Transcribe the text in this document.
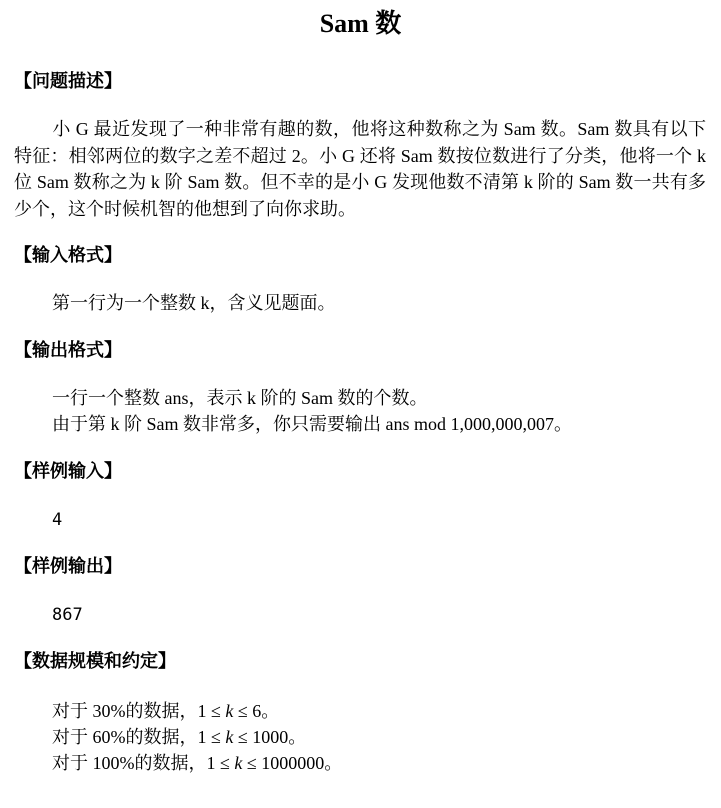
Sam 数
【问题描述】
小 G 最近发现了一种非常有趣的数，他将这种数称之为 Sam 数。Sam 数具有以下特征：相邻两位的数字之差不超过 2。小 G 还将 Sam 数按位数进行了分类，他将一个 k 位 Sam 数称之为 k 阶 Sam 数。但不幸的是小 G 发现他数不清第 k 阶的 Sam 数一共有多少个，这个时候机智的他想到了向你求助。
【输入格式】
第一行为一个整数 k，含义见题面。
【输出格式】
一行一个整数 ans，表示 k 阶的 Sam 数的个数。
由于第 k 阶 Sam 数非常多，你只需要输出 ans mod 1,000,000,007。
【样例输入】
4
【样例输出】
867
【数据规模和约定】
对于 30%的数据，1 ≤ k ≤ 6。
对于 60%的数据，1 ≤ k ≤ 1000。
对于 100%的数据，1 ≤ k ≤ 1000000。
